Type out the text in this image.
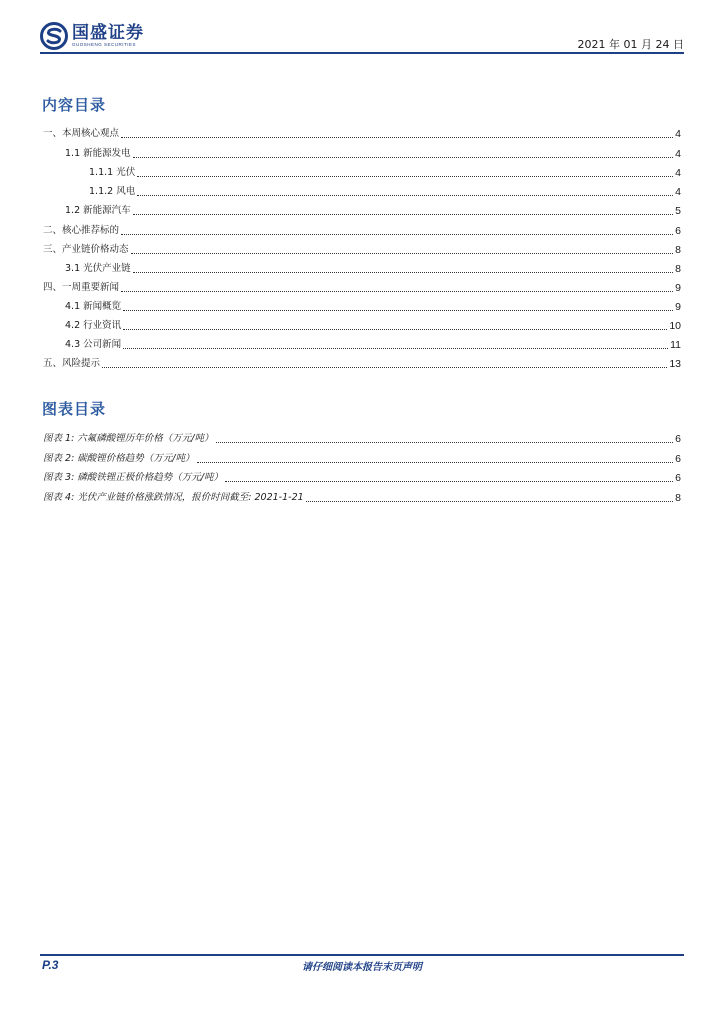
国盛证券
GUOSHENG SECURITIES	2021 年 01 月 24 日
内容目录
一、本周核心观点	4
1.1 新能源发电	4
1.1.1 光伏	4
1.1.2 风电	4
1.2 新能源汽车	5
二、核心推荐标的	6
三、产业链价格动态	8
3.1 光伏产业链	8
四、一周重要新闻	9
4.1 新闻概览	9
4.2 行业资讯	10
4.3 公司新闻	11
五、风险提示	13
图表目录
图表 1: 六氟磷酸锂历年价格（万元/吨）	6
图表 2: 碳酸锂价格趋势（万元/吨）	6
图表 3: 磷酸铁锂正极价格趋势（万元/吨）	6
图表 4: 光伏产业链价格涨跌情况，报价时间截至: 2021-1-21	8
P.3	请仔细阅读本报告末页声明
